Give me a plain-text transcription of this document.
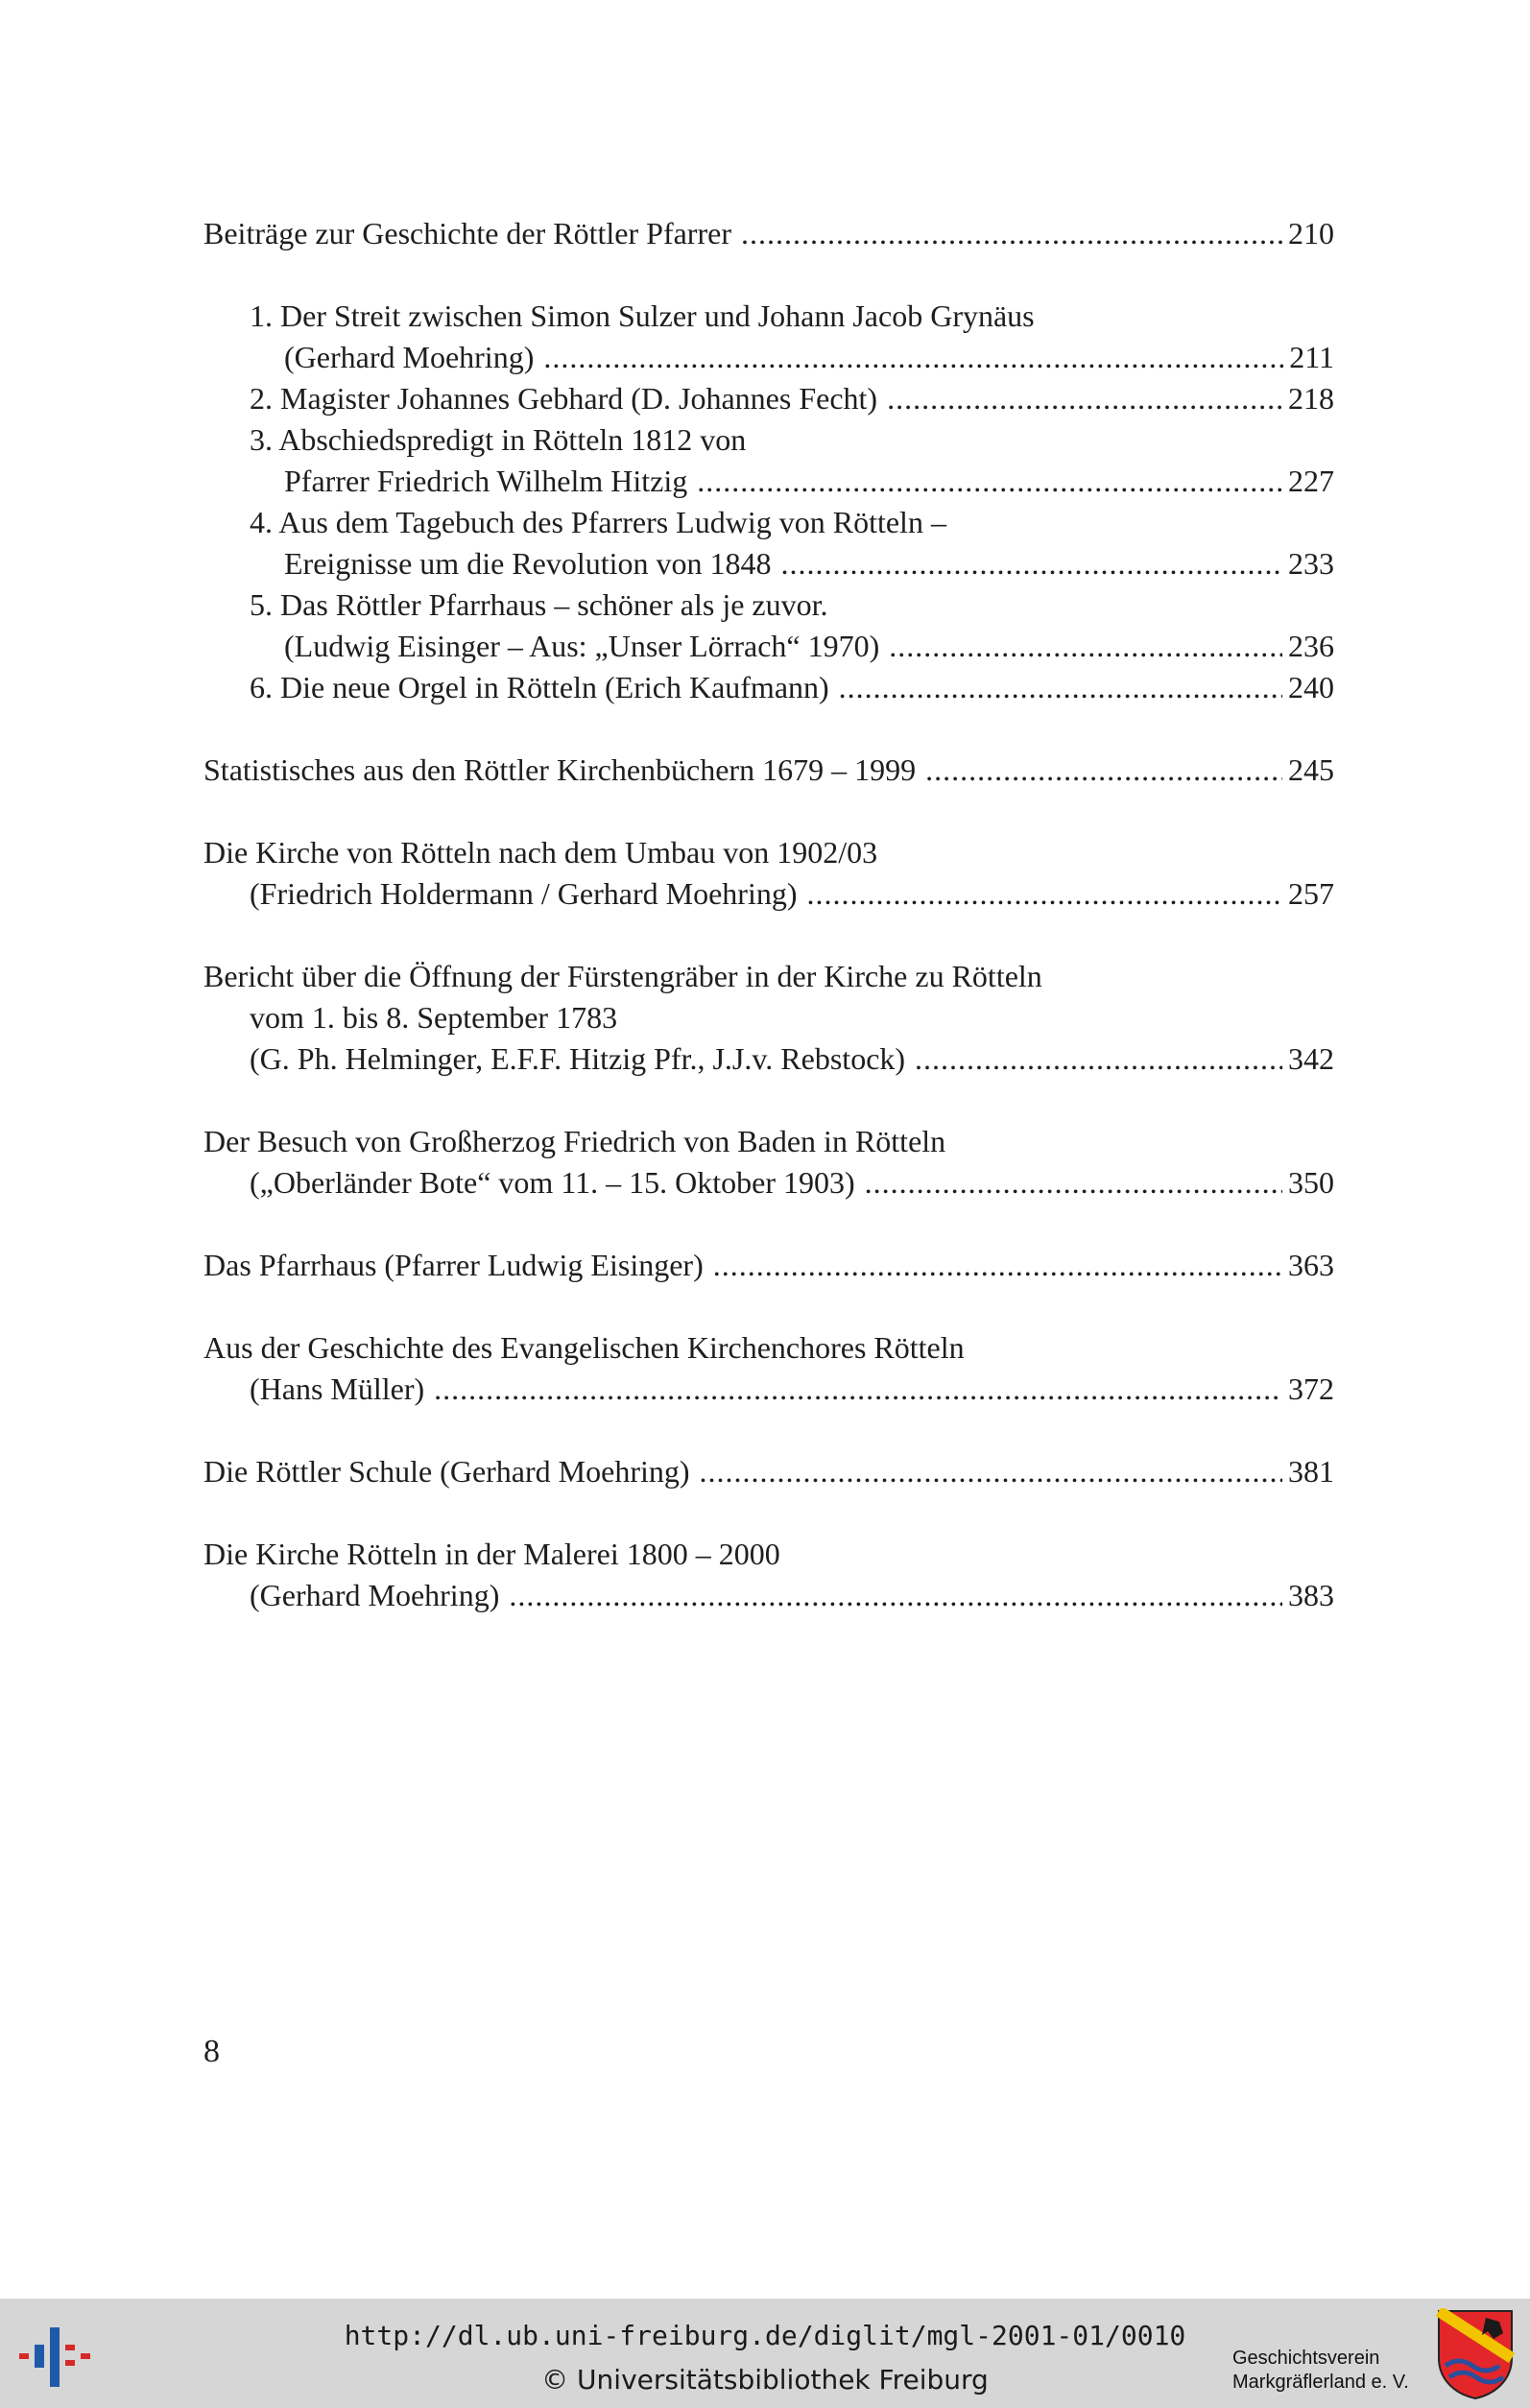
Beiträge zur Geschichte der Röttler Pfarrer .....	210
1. Der Streit zwischen Simon Sulzer und Johann Jacob Grynäus
(Gerhard Moehring) .....	211
2. Magister Johannes Gebhard (D. Johannes Fecht) .....	218
3. Abschiedspredigt in Rötteln 1812 von
Pfarrer Friedrich Wilhelm Hitzig .....	227
4. Aus dem Tagebuch des Pfarrers Ludwig von Rötteln –
Ereignisse um die Revolution von 1848 .....	233
5. Das Röttler Pfarrhaus – schöner als je zuvor.
(Ludwig Eisinger – Aus: „Unser Lörrach“ 1970) .....	236
6. Die neue Orgel in Rötteln (Erich Kaufmann) .....	240
Statistisches aus den Röttler Kirchenbüchern 1679 – 1999 .....	245
Die Kirche von Rötteln nach dem Umbau von 1902/03
(Friedrich Holdermann / Gerhard Moehring) .....	257
Bericht über die Öffnung der Fürstengräber in der Kirche zu Rötteln
vom 1. bis 8. September 1783
(G. Ph. Helminger, E.F.F. Hitzig Pfr., J.J.v. Rebstock) .....	342
Der Besuch von Großherzog Friedrich von Baden in Rötteln
(„Oberländer Bote“ vom 11. – 15. Oktober 1903) .....	350
Das Pfarrhaus (Pfarrer Ludwig Eisinger) .....	363
Aus der Geschichte des Evangelischen Kirchenchores Rötteln
(Hans Müller) .....	372
Die Röttler Schule (Gerhard Moehring) .....	381
Die Kirche Rötteln in der Malerei 1800 – 2000
(Gerhard Moehring) .....	383
8
http://dl.ub.uni-freiburg.de/diglit/mgl-2001-01/0010
© Universitätsbibliothek Freiburg
Geschichtsverein
Markgräflerland e. V.
